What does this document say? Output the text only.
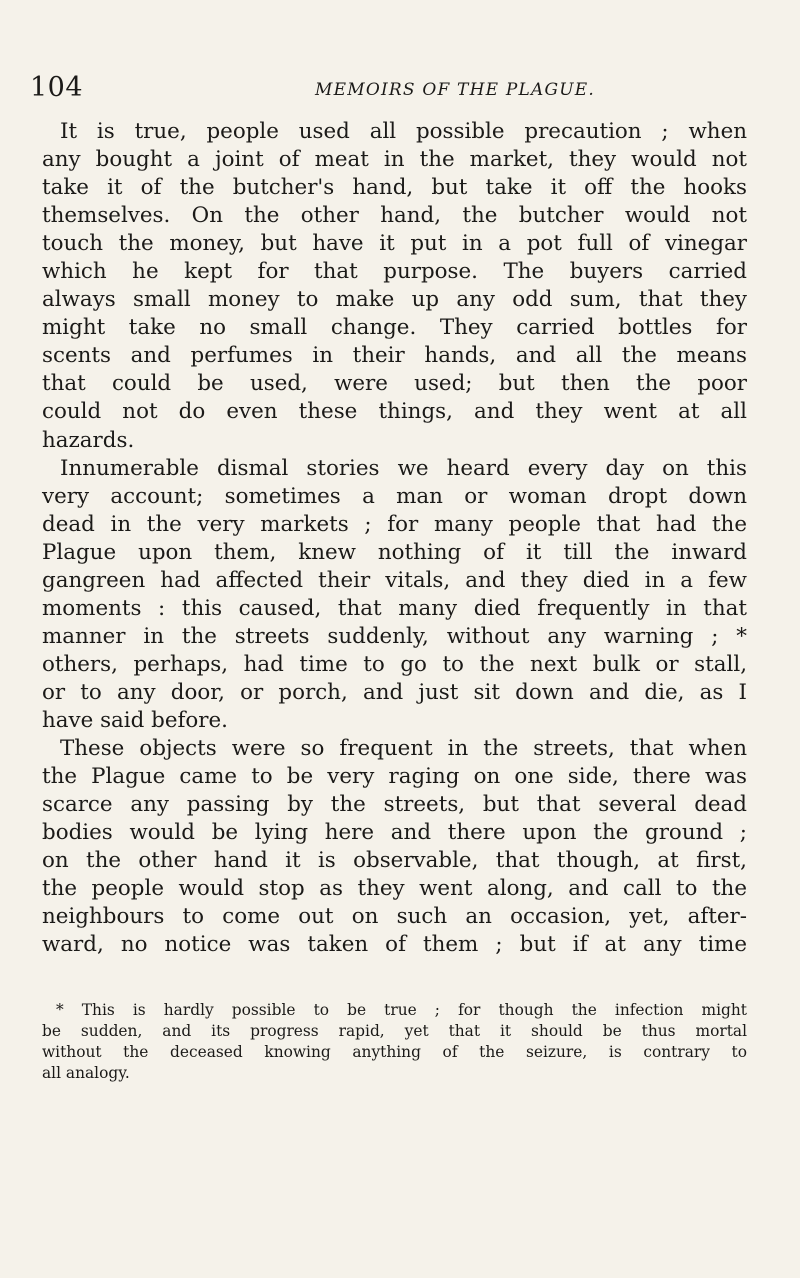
104	MEMOIRS OF THE PLAGUE.
It is true, people used all possible precaution ; when
any bought a joint of meat in the market, they would not
take it of the butcher's hand, but take it off the hooks
themselves. On the other hand, the butcher would not
touch the money, but have it put in a pot full of vinegar
which he kept for that purpose. The buyers carried
always small money to make up any odd sum, that they
might take no small change. They carried bottles for
scents and perfumes in their hands, and all the means
that could be used, were used; but then the poor
could not do even these things, and they went at all
hazards.
Innumerable dismal stories we heard every day on this
very account; sometimes a man or woman dropt down
dead in the very markets ; for many people that had the
Plague upon them, knew nothing of it till the inward
gangreen had affected their vitals, and they died in a few
moments : this caused, that many died frequently in that
manner in the streets suddenly, without any warning ; *
others, perhaps, had time to go to the next bulk or stall,
or to any door, or porch, and just sit down and die, as I
have said before.
These objects were so frequent in the streets, that when
the Plague came to be very raging on one side, there was
scarce any passing by the streets, but that several dead
bodies would be lying here and there upon the ground ;
on the other hand it is observable, that though, at first,
the people would stop as they went along, and call to the
neighbours to come out on such an occasion, yet, after-
ward, no notice was taken of them ; but if at any time
* This is hardly possible to be true ; for though the infection might
be sudden, and its progress rapid, yet that it should be thus mortal
without the deceased knowing anything of the seizure, is contrary to
all analogy.
